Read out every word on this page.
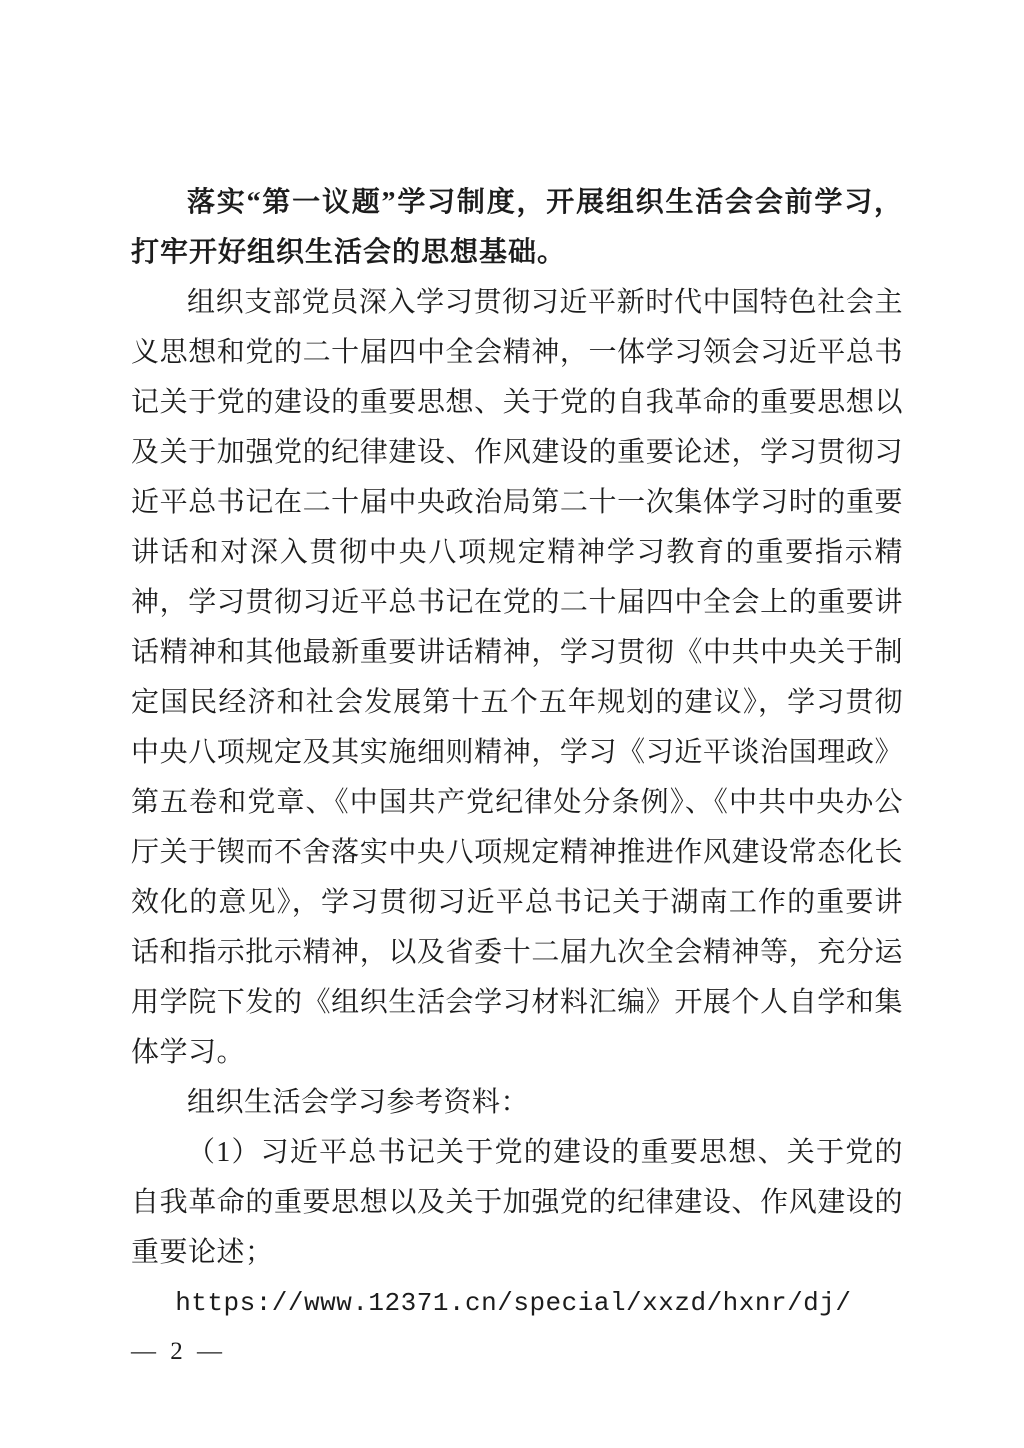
落实“第一议题”学习制度，开展组织生活会会前学习，打牢开好组织生活会的思想基础。

组织支部党员深入学习贯彻习近平新时代中国特色社会主义思想和党的二十届四中全会精神，一体学习领会习近平总书记关于党的建设的重要思想、关于党的自我革命的重要思想以及关于加强党的纪律建设、作风建设的重要论述，学习贯彻习近平总书记在二十届中央政治局第二十一次集体学习时的重要讲话和对深入贯彻中央八项规定精神学习教育的重要指示精神，学习贯彻习近平总书记在党的二十届四中全会上的重要讲话精神和其他最新重要讲话精神，学习贯彻《中共中央关于制定国民经济和社会发展第十五个五年规划的建议》，学习贯彻中央八项规定及其实施细则精神，学习《习近平谈治国理政》第五卷和党章、《中国共产党纪律处分条例》、《中共中央办公厅关于锲而不舍落实中央八项规定精神推进作风建设常态化长效化的意见》，学习贯彻习近平总书记关于湖南工作的重要讲话和指示批示精神，以及省委十二届九次全会精神等，充分运用学院下发的《组织生活会学习材料汇编》开展个人自学和集体学习。

组织生活会学习参考资料：

（1）习近平总书记关于党的建设的重要思想、关于党的自我革命的重要思想以及关于加强党的纪律建设、作风建设的重要论述；

https://www.12371.cn/special/xxzd/hxnr/dj/

— 2 —
